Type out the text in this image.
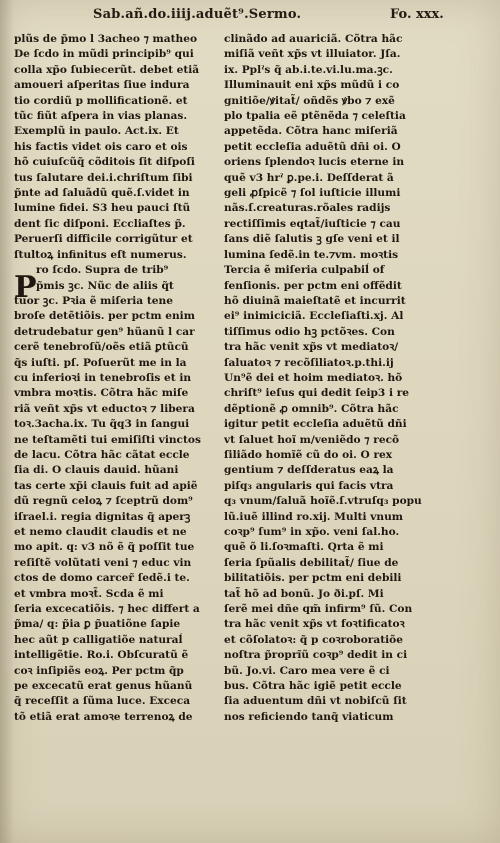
Sab.añ.do.iiij.aduẽt⁹.Sermo.	Fo. xxx.
P
plũs de p̃mo l 3acheo ⁊ matheo
De ſcdo in mũdi principib⁹ qui
colla xp̃o ſubiecerũt. debet etiã
amoueri aſperitas ſiue indura
tio cordiũ p mollificationẽ. et
tũc fiũt aſpera in vias planas.
Exemplũ in paulo. Act.ix. Et
his factis videt ois caro et ois
hõ cuiuſcũq̃ cõditois ſit diſpoſi
tus ſalutare dei.i.chriſtum ſibi
p̃nte ad ſaluãdũ quẽ.ſ.videt in
lumine fidei. S3 heu pauci ſtũ
dent ſic diſponi. Eccliaſtes p̃.
Peruerſi difficile corrigũtur et
ſtultoꝝ infinitus eſt numerus.
ro ſcdo. Supra de trib⁹
p̃mis ꝫc. Nũc de aliis q̃t
tuor ꝫc. Pꝛia ẽ miſeria tene
broſe detẽtiõis. per pctm enim
detrudebatur gen⁹ hũanũ l car
cerẽ tenebroſũ/oẽs etiã ꝑtũcũ
q̃s iuſti. pſ. Poſuerũt me in la
cu inferioꝛi in tenebroſis et in
vmbra moꝛtis. Cõtra hãc miſe
riã veñt xp̃s vt eductoꝛ ⁊ libera
toꝛ.3acha.ix. Tu q̃q3 in ſangui
ne teſtamẽti tui emiſiſti vinctos
de lacu. Cõtra hãc cãtat eccle
ſia di. O clauis dauid. hũani
tas certe xp̃i clauis fuit ad apiẽ
dũ regnũ celoꝝ ⁊ ſceptrũ dom⁹
iſrael.i. regia dignitas q̃ aperꝫ
et nemo claudit claudis et ne
mo apit. q: v3 nõ ẽ q̃ poſſit tue
reſiſtẽ volũtati veni ⁊ educ vin
ctos de domo carcer̃ ſedẽ.i te.
et vmbra moꝛt̃. Scda ẽ mi
ſeria excecatiõis. ⁊ hec differt a
p̃ma/ q: p̃ia ꝑ p̃uatiõne ſapie
hec aũt p calligatiõe naturaĺ
intelligẽtie. Ro.i. Obſcuratũ ẽ
coꝛ inſipiẽs eoꝝ. Per pctm q̃p
pe excecatũ erat genus hũanũ
q̃ receſſit a ſũma luce. Exceca
tõ etiã erat amoꝛe terrenoꝝ de
clinãdo ad auariciã. Cõtra hãc
miſiã veñt xp̃s vt illuiator. Jſa.
ix. Pplˀs q̃ ab.i.te.vi.lu.ma.ꝫc.
Illuminauit eni xp̃s mũdũ i co
gnitiõe/ꝟitat̃/ oñdẽs ꝟbo ⁊ exẽ
plo tpalia eẽ ptẽnẽda ⁊ celeſtia
appetẽda. Cõtra hanc miſeriã
petit eccleſia aduẽtũ dñi oi. O
oriens ſplendoꝛ lucis eterne in
quẽ v3 hrˀ ꝑ.pe.i. Deſſderat ã
geli ꝓſpicẽ ⁊ ſol iuſticie illumi
nãs.ſ.creaturas.rõales radijs
rectiſſimis eqtat̃/iuſticie ⁊ cau
ſans diẽ ſalutis ꝫ gſe veni et il
lumina ſedẽ.in te.⁊vm. moꝛtis
Tercia ẽ miſeria culpabiĺ of
fenſionis. per pctm eni offẽdit
hõ diuinã maieſtatẽ et incurrit
ei⁹ inimiciciã. Eccleſiaſti.xj. Al
tiſſimus odio hꝫ pctõꝛes. Con
tra hãc venit xp̃s vt mediatoꝛ/
ſaluatoꝛ ⁊ recõſiliatoꝛ.p.thi.ij
Un⁹ẽ dei et hoim mediatoꝛ. hõ
chriſt⁹ ieſus qui dedit ſeip3 i re
dẽptionẽ ꝓ omnib⁹. Cõtra hãc
igitur petit eccleſia aduẽtũ dñi
vt ſaluet hoĩ m/veniẽdo ⁊ recõ
ſiliãdo homĩẽ cũ do oi. O rex
gentium ⁊ deſſderatus eaꝝ la
piſq₃ angularis qui facis vtra
q₃ vnum/ſaluã hoĩẽ.ſ.vtruſq₃ popu
lũ.iuẽ illind ro.xij. Multi vnum
coꝛp⁹ ſum⁹ in xp̃o. veni ſal.ho.
quẽ õ li.ſoꝛmaſti. Qrta ẽ mi
ſeria ſpũalis debilitat̃/ ſiue de
bilitatiõis. per pctm eni debili
tat̃ hõ ad bonũ. Jo ði.pſ. Mi
ſerẽ mei dñe qm̃ infirm⁹ ſũ. Con
tra hãc venit xp̃s vt foꝛtificatoꝛ
et cõſolatoꝛ: q̃ p coꝛroboratiõe
noſtra p̃roprĩũ coꝛp⁹ dedit in ci
bũ. Jo.vi. Caro mea vere ẽ ci
bus. Cõtra hãc igiẽ petit eccle
ſia aduentum dñi vt nobiſcũ ſit
nos reficiendo tanq̃ viaticum
